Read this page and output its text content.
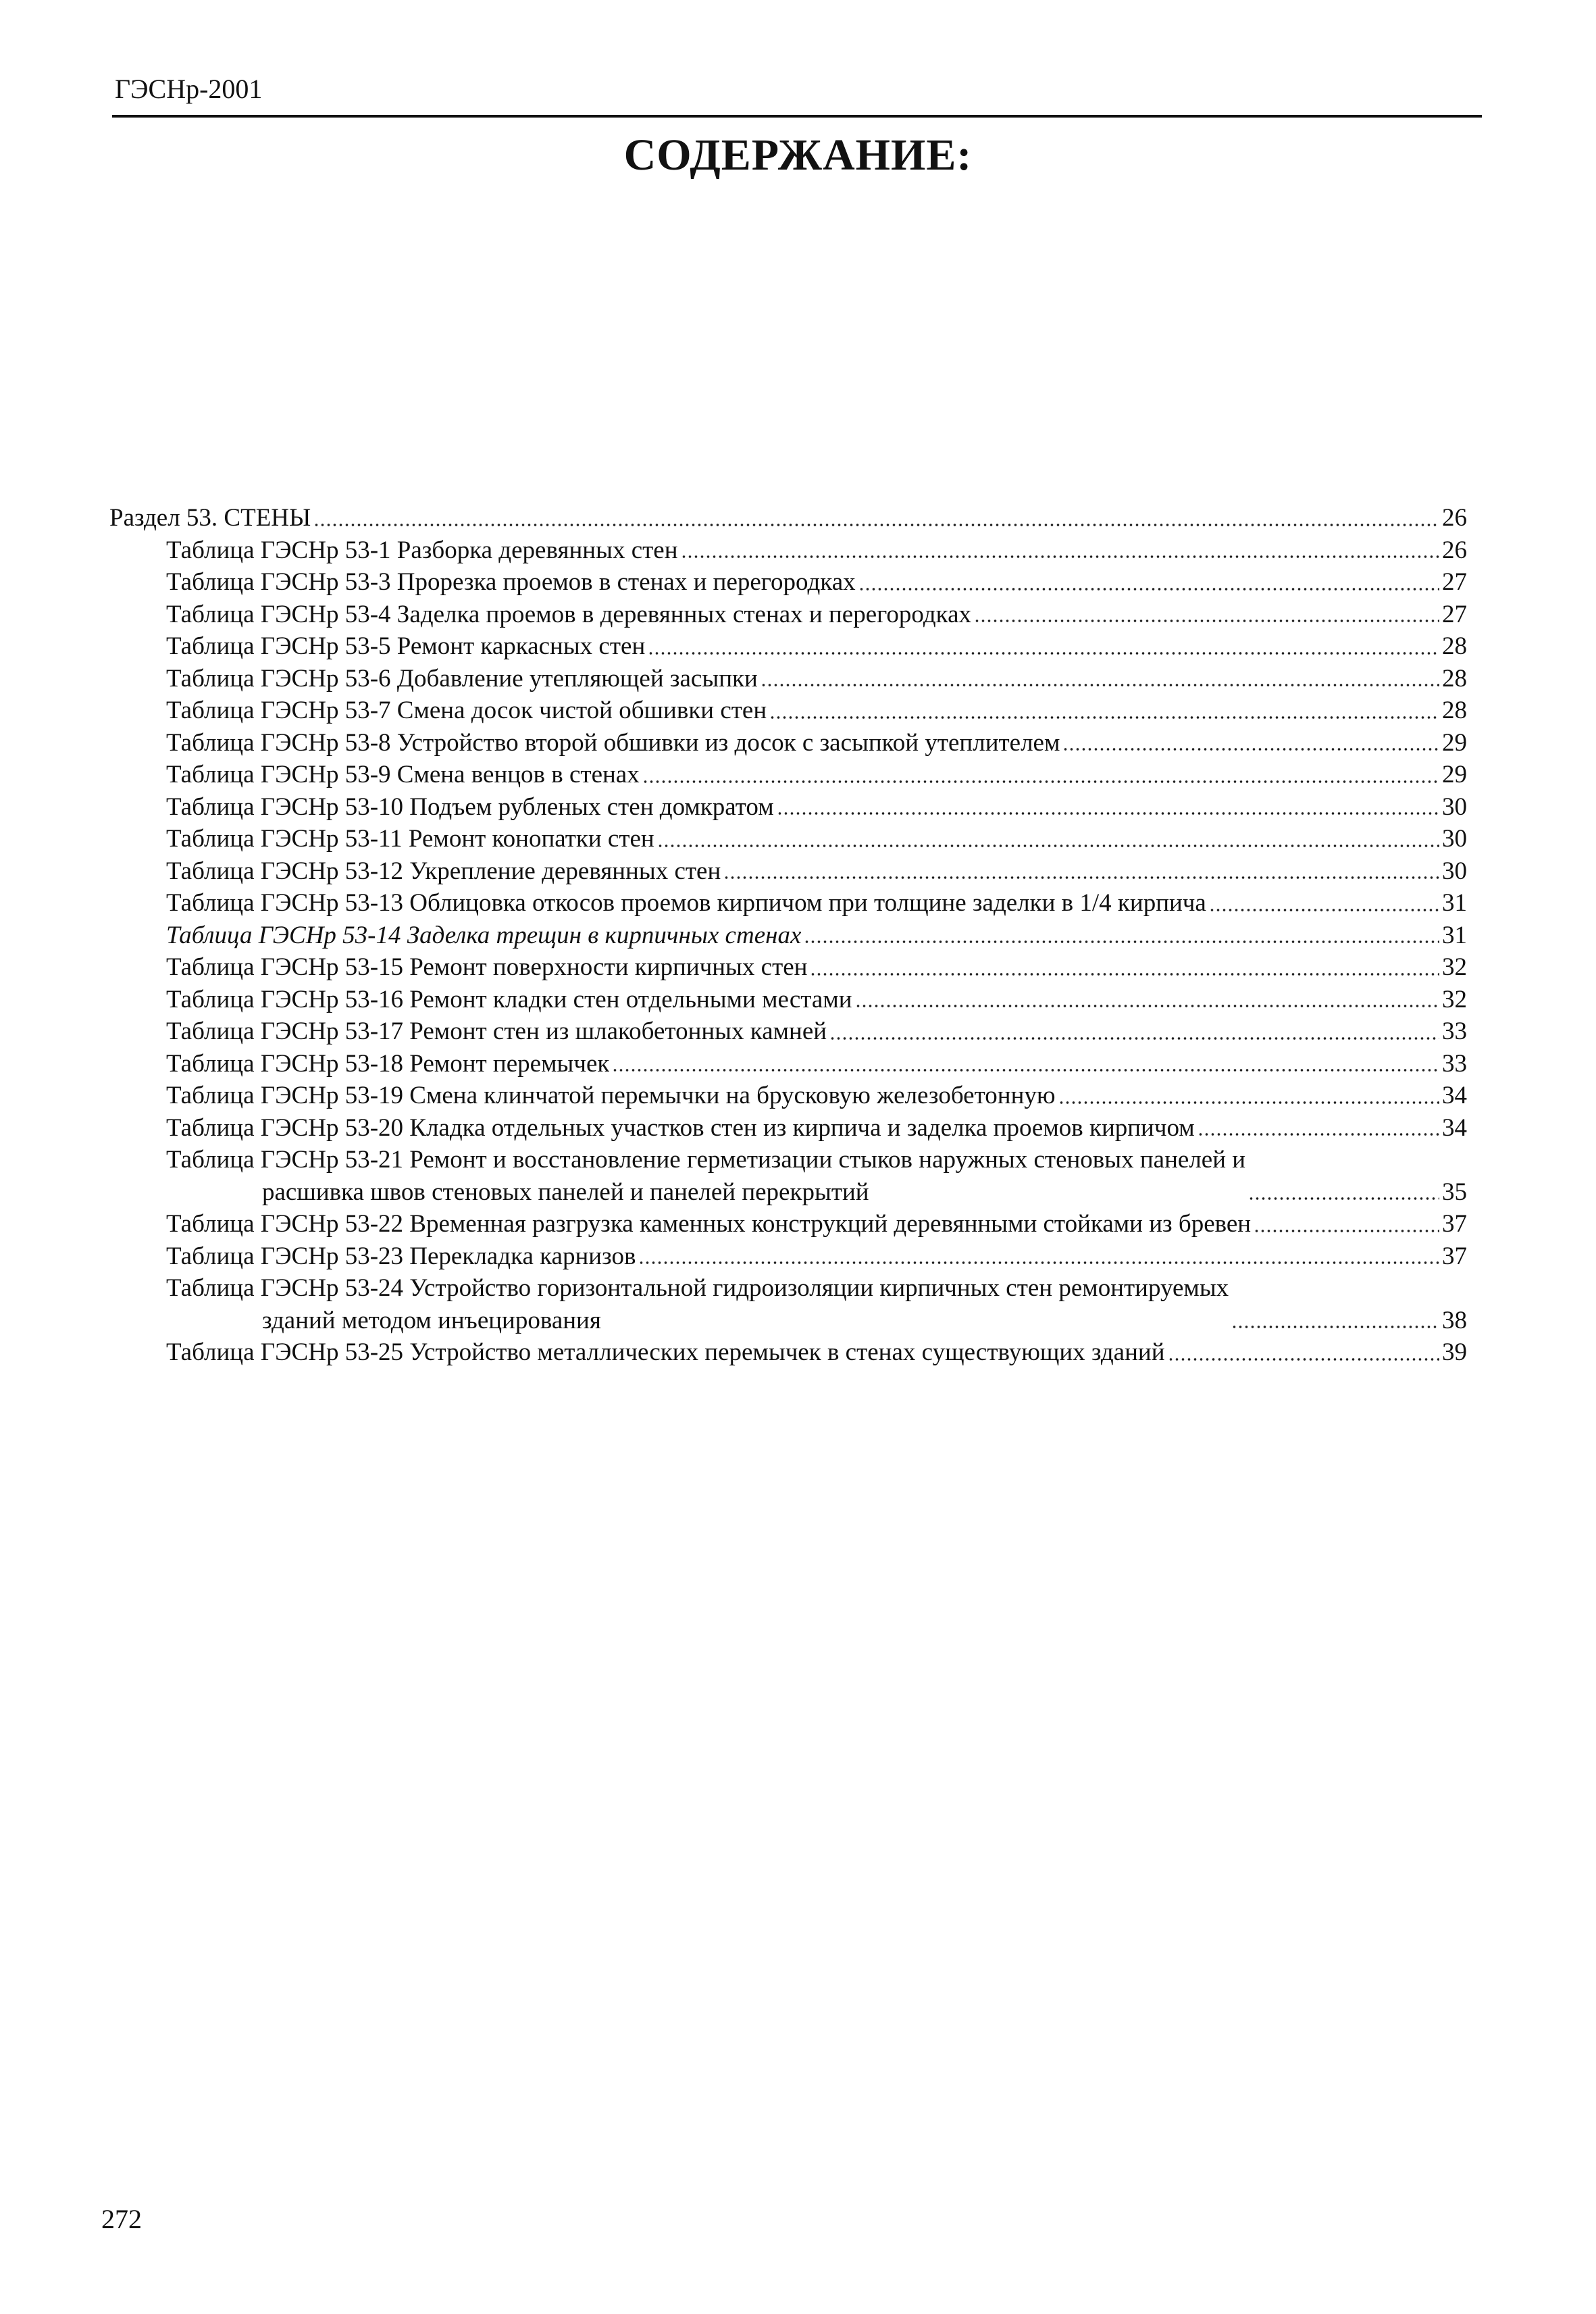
ГЭСНр-2001
СОДЕРЖАНИЕ:
Раздел 53. СТЕНЫ	26
Таблица ГЭСНр 53-1 Разборка деревянных стен	26
Таблица ГЭСНр 53-3 Прорезка проемов в стенах и перегородках	27
Таблица ГЭСНр 53-4 Заделка проемов в деревянных стенах и перегородках	27
Таблица ГЭСНр 53-5 Ремонт каркасных стен	28
Таблица ГЭСНр 53-6 Добавление утепляющей засыпки	28
Таблица ГЭСНр 53-7 Смена досок чистой обшивки стен	28
Таблица ГЭСНр 53-8 Устройство второй обшивки из досок с засыпкой утеплителем	29
Таблица ГЭСНр 53-9 Смена венцов в стенах	29
Таблица ГЭСНр 53-10 Подъем рубленых стен домкратом	30
Таблица ГЭСНр 53-11 Ремонт конопатки стен	30
Таблица ГЭСНр 53-12 Укрепление деревянных стен	30
Таблица ГЭСНр 53-13 Облицовка откосов проемов кирпичом при толщине заделки в 1/4 кирпича	31
Таблица ГЭСНр 53-14 Заделка трещин в кирпичных стенах	31
Таблица ГЭСНр 53-15 Ремонт поверхности кирпичных стен	32
Таблица ГЭСНр 53-16 Ремонт кладки стен отдельными местами	32
Таблица ГЭСНр 53-17 Ремонт стен из шлакобетонных камней	33
Таблица ГЭСНр 53-18 Ремонт перемычек	33
Таблица ГЭСНр 53-19 Смена клинчатой перемычки на брусковую железобетонную	34
Таблица ГЭСНр 53-20 Кладка отдельных участков стен из кирпича и заделка проемов кирпичом	34
Таблица ГЭСНр 53-21 Ремонт и восстановление герметизации стыков наружных стеновых панелей и
расшивка швов стеновых панелей и панелей перекрытий	35
Таблица ГЭСНр 53-22 Временная разгрузка каменных конструкций деревянными стойками из бревен	37
Таблица ГЭСНр 53-23 Перекладка карнизов	37
Таблица ГЭСНр 53-24 Устройство горизонтальной гидроизоляции кирпичных стен ремонтируемых
зданий методом инъецирования	38
Таблица ГЭСНр 53-25 Устройство металлических перемычек в стенах существующих зданий	39
272
